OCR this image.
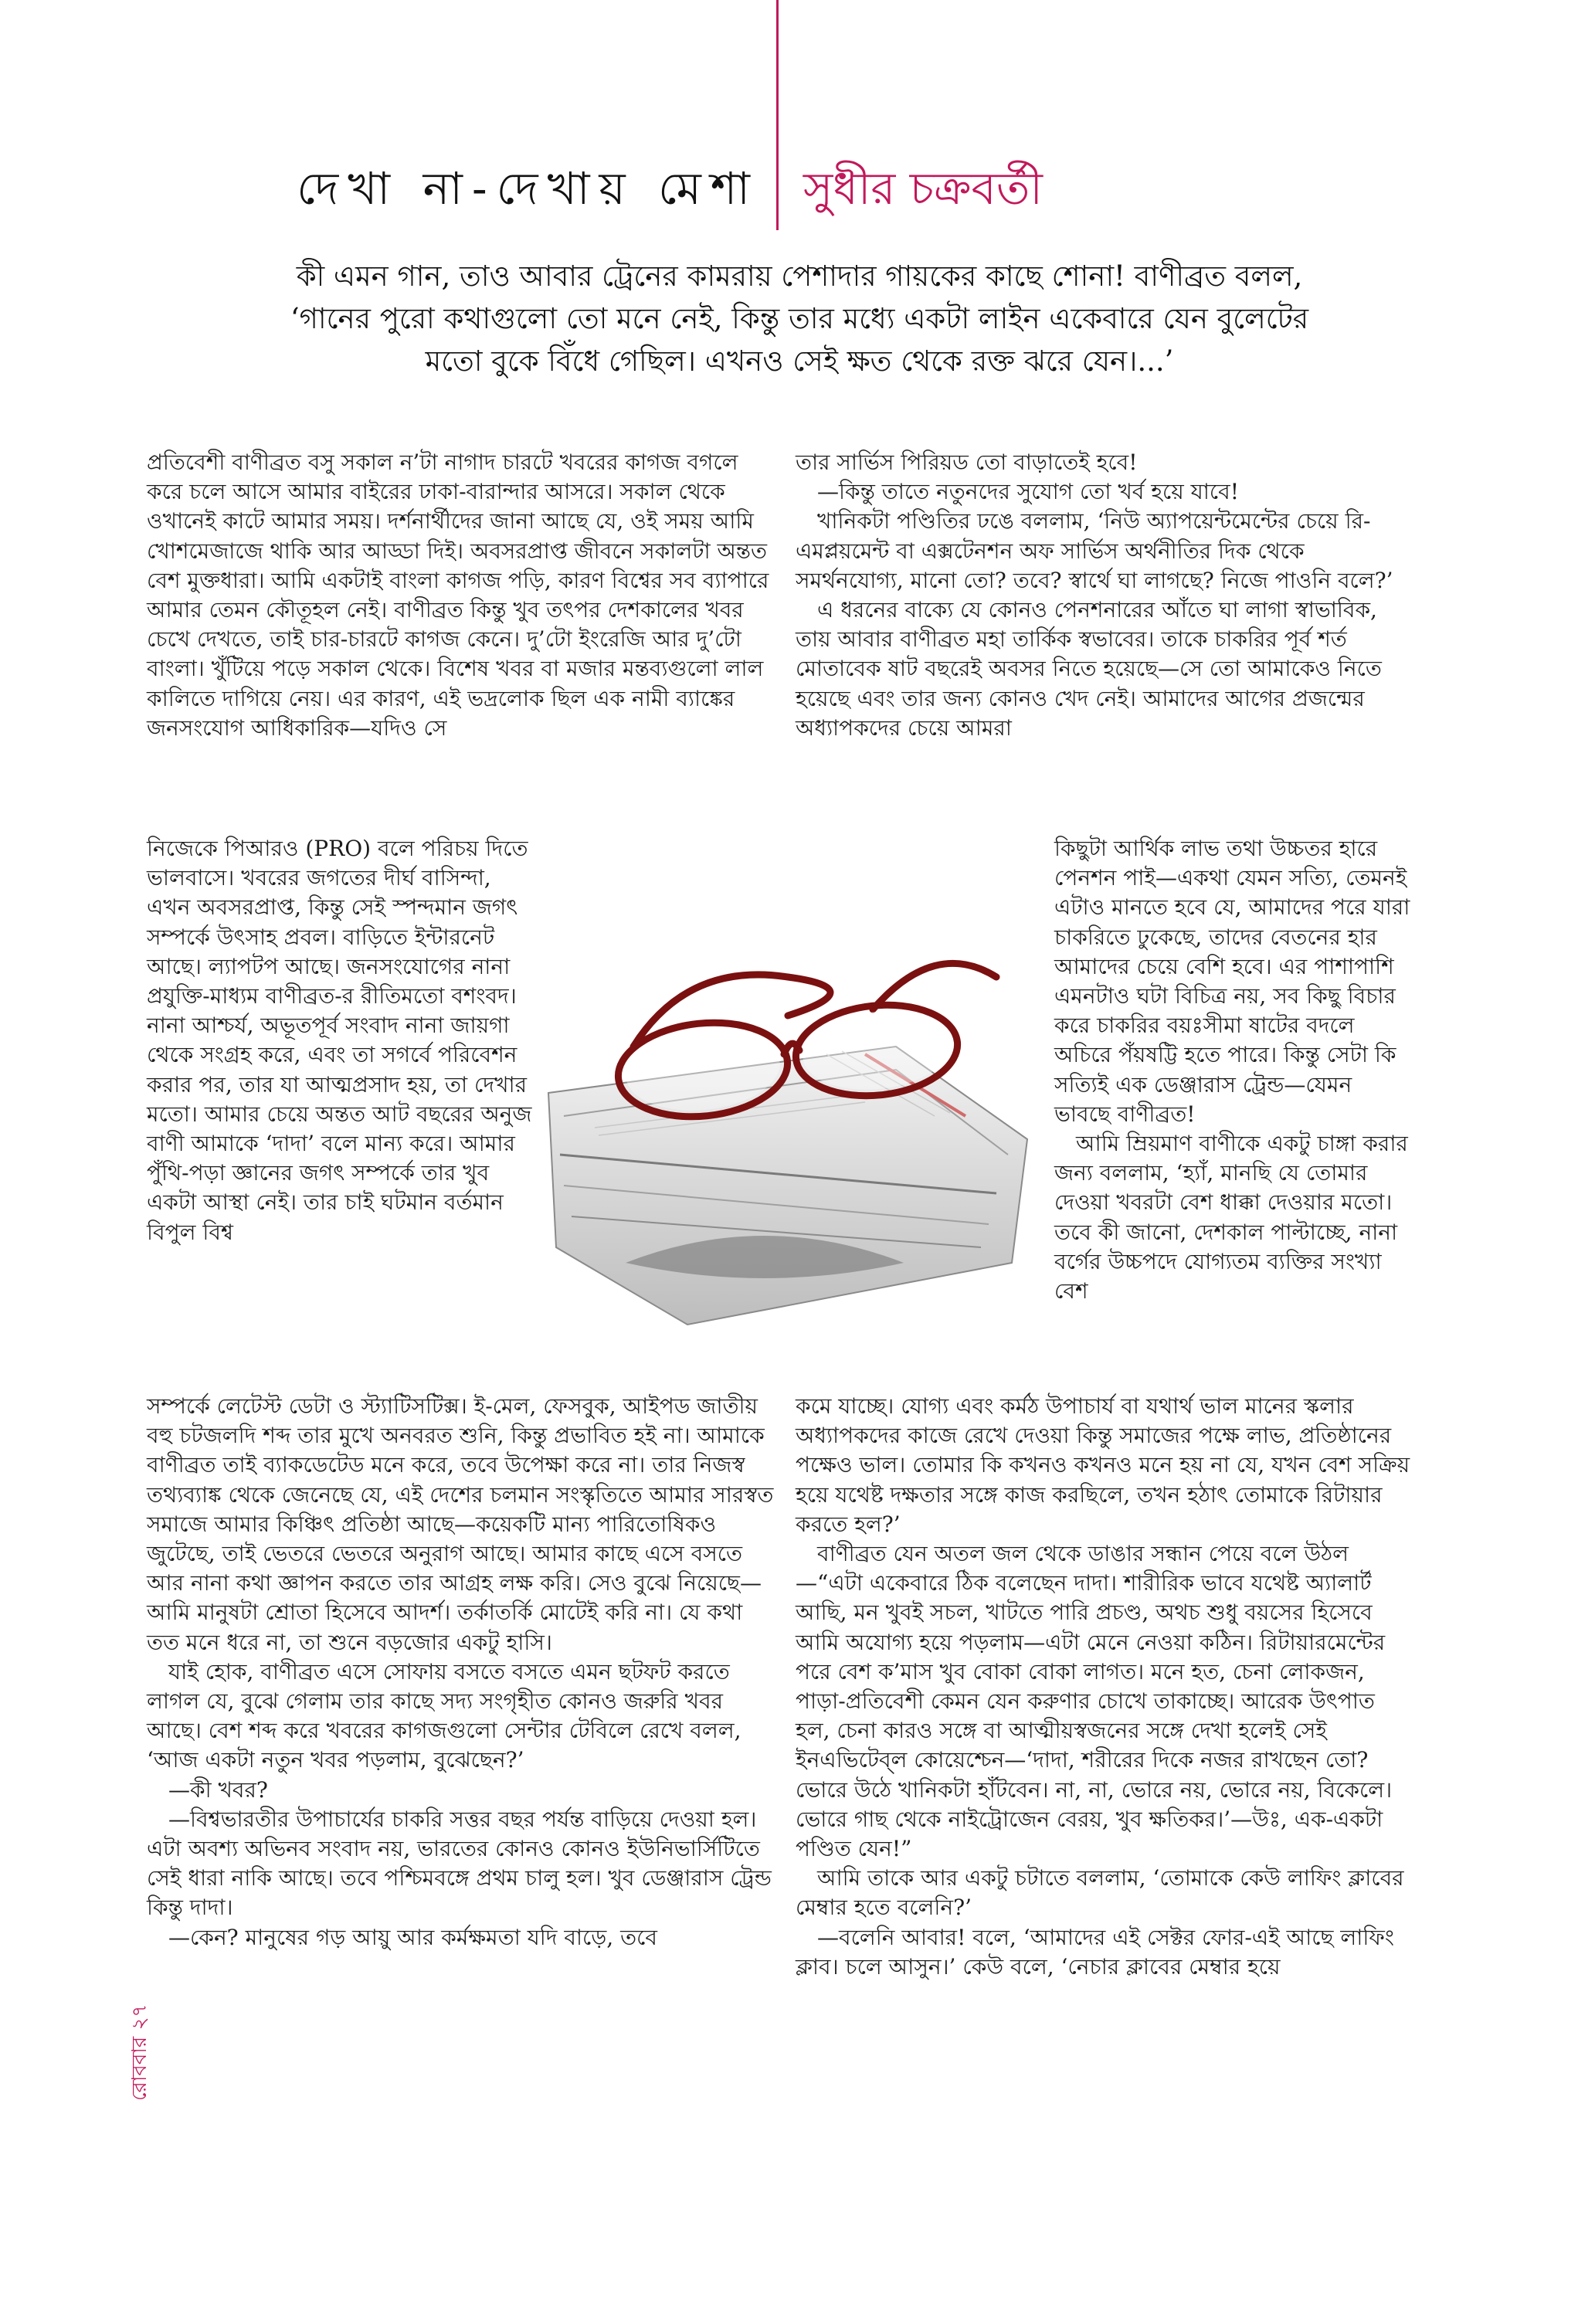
দেখা না-দেখায় মেশা সুধীর চক্রবর্তী
কী এমন গান, তাও আবার ট্রেনের কামরায় পেশাদার গায়কের কাছে শোনা! বাণীব্রত বলল, ‘গানের পুরো কথাগুলো তো মনে নেই, কিন্তু তার মধ্যে একটা লাইন একেবারে যেন বুলেটের মতো বুকে বিঁধে গেছিল। এখনও সেই ক্ষত থেকে রক্ত ঝরে যেন।...’

প্রতিবেশী বাণীব্রত বসু সকাল ন’টা নাগাদ চারটে খবরের কাগজ বগলে করে চলে আসে আমার বাইরের ঢাকা-বারান্দার আসরে। সকাল থেকে ওখানেই কাটে আমার সময়। দর্শনার্থীদের জানা আছে যে, ওই সময় আমি খোশমেজাজে থাকি আর আড্ডা দিই। অবসরপ্রাপ্ত জীবনে সকালটা অন্তত বেশ মুক্তধারা। আমি একটাই বাংলা কাগজ পড়ি, কারণ বিশ্বের সব ব্যাপারে আমার তেমন কৌতূহল নেই। বাণীব্রত কিন্তু খুব তৎপর দেশকালের খবর চেখে দেখতে, তাই চার-চারটে কাগজ কেনে। দু’টো ইংরেজি আর দু’টো বাংলা। খুঁটিয়ে পড়ে সকাল থেকে। বিশেষ খবর বা মজার মন্তব্যগুলো লাল কালিতে দাগিয়ে নেয়। এর কারণ, এই ভদ্রলোক ছিল এক নামী ব্যাঙ্কের জনসংযোগ আধিকারিক—যদিও সে

নিজেকে পিআরও (PRO) বলে পরিচয় দিতে ভালবাসে। খবরের জগতের দীর্ঘ বাসিন্দা, এখন অবসরপ্রাপ্ত, কিন্তু সেই স্পন্দমান জগৎ সম্পর্কে উৎসাহ প্রবল। বাড়িতে ইন্টারনেট আছে। ল্যাপটপ আছে। জনসংযোগের নানা প্রযুক্তি-মাধ্যম বাণীব্রত-র রীতিমতো বশংবদ। নানা আশ্চর্য, অভূতপূর্ব সংবাদ নানা জায়গা থেকে সংগ্রহ করে, এবং তা সগর্বে পরিবেশন করার পর, তার যা আত্মপ্রসাদ হয়, তা দেখার মতো। আমার চেয়ে অন্তত আট বছরের অনুজ বাণী আমাকে ‘দাদা’ বলে মান্য করে। আমার পুঁথি-পড়া জ্ঞানের জগৎ সম্পর্কে তার খুব একটা আস্থা নেই। তার চাই ঘটমান বর্তমান বিপুল বিশ্ব

সম্পর্কে লেটেস্ট ডেটা ও স্ট্যাটিসটিক্স। ই-মেল, ফেসবুক, আইপড জাতীয় বহু চটজলদি শব্দ তার মুখে অনবরত শুনি, কিন্তু প্রভাবিত হই না। আমাকে বাণীব্রত তাই ব্যাকডেটেড মনে করে, তবে উপেক্ষা করে না। তার নিজস্ব তথ্যব্যাঙ্ক থেকে জেনেছে যে, এই দেশের চলমান সংস্কৃতিতে আমার সারস্বত সমাজে আমার কিঞ্চিৎ প্রতিষ্ঠা আছে—কয়েকটি মান্য পারিতোষিকও জুটেছে, তাই ভেতরে ভেতরে অনুরাগ আছে। আমার কাছে এসে বসতে আর নানা কথা জ্ঞাপন করতে তার আগ্রহ লক্ষ করি। সেও বুঝে নিয়েছে—আমি মানুষটা শ্রোতা হিসেবে আদর্শ। তর্কাতর্কি মোটেই করি না। যে কথা তত মনে ধরে না, তা শুনে বড়জোর একটু হাসি।

যাই হোক, বাণীব্রত এসে সোফায় বসতে বসতে এমন ছটফট করতে লাগল যে, বুঝে গেলাম তার কাছে সদ্য সংগৃহীত কোনও জরুরি খবর আছে। বেশ শব্দ করে খবরের কাগজগুলো সেন্টার টেবিলে রেখে বলল, ‘আজ একটা নতুন খবর পড়লাম, বুঝেছেন?’

—কী খবর?

—বিশ্বভারতীর উপাচার্যের চাকরি সত্তর বছর পর্যন্ত বাড়িয়ে দেওয়া হল। এটা অবশ্য অভিনব সংবাদ নয়, ভারতের কোনও কোনও ইউনিভার্সিটিতে সেই ধারা নাকি আছে। তবে পশ্চিমবঙ্গে প্রথম চালু হল। খুব ডেঞ্জারাস ট্রেন্ড কিন্তু দাদা।

—কেন? মানুষের গড় আয়ু আর কর্মক্ষমতা যদি বাড়ে, তবে

তার সার্ভিস পিরিয়ড তো বাড়াতেই হবে!

—কিন্তু তাতে নতুনদের সুযোগ তো খর্ব হয়ে যাবে!

খানিকটা পণ্ডিতির ঢঙে বললাম, ‘নিউ অ্যাপয়েন্টমেন্টের চেয়ে রি-এমপ্লয়মেন্ট বা এক্সটেনশন অফ সার্ভিস অর্থনীতির দিক থেকে সমর্থনযোগ্য, মানো তো? তবে? স্বার্থে ঘা লাগছে? নিজে পাওনি বলে?’

এ ধরনের বাক্যে যে কোনও পেনশনারের আঁতে ঘা লাগা স্বাভাবিক, তায় আবার বাণীব্রত মহা তার্কিক স্বভাবের। তাকে চাকরির পূর্ব শর্ত মোতাবেক ষাট বছরেই অবসর নিতে হয়েছে—সে তো আমাকেও নিতে হয়েছে এবং তার জন্য কোনও খেদ নেই। আমাদের আগের প্রজন্মের অধ্যাপকদের চেয়ে আমরা

কিছুটা আর্থিক লাভ তথা উচ্চতর হারে পেনশন পাই—একথা যেমন সত্যি, তেমনই এটাও মানতে হবে যে, আমাদের পরে যারা চাকরিতে ঢুকেছে, তাদের বেতনের হার আমাদের চেয়ে বেশি হবে। এর পাশাপাশি এমনটাও ঘটা বিচিত্র নয়, সব কিছু বিচার করে চাকরির বয়ঃসীমা ষাটের বদলে অচিরে পঁয়ষট্টি হতে পারে। কিন্তু সেটা কি সত্যিই এক ডেঞ্জারাস ট্রেন্ড—যেমন ভাবছে বাণীব্রত!

আমি ম্রিয়মাণ বাণীকে একটু চাঙ্গা করার জন্য বললাম, ‘হ্যাঁ, মানছি যে তোমার দেওয়া খবরটা বেশ ধাক্কা দেওয়ার মতো। তবে কী জানো, দেশকাল পাল্টাচ্ছে, নানা বর্গের উচ্চপদে যোগ্যতম ব্যক্তির সংখ্যা বেশ

কমে যাচ্ছে। যোগ্য এবং কর্মঠ উপাচার্য বা যথার্থ ভাল মানের স্কলার অধ্যাপকদের কাজে রেখে দেওয়া কিন্তু সমাজের পক্ষে লাভ, প্রতিষ্ঠানের পক্ষেও ভাল। তোমার কি কখনও কখনও মনে হয় না যে, যখন বেশ সক্রিয় হয়ে যথেষ্ট দক্ষতার সঙ্গে কাজ করছিলে, তখন হঠাৎ তোমাকে রিটায়ার করতে হল?’

বাণীব্রত যেন অতল জল থেকে ডাঙার সন্ধান পেয়ে বলে উঠল—“এটা একেবারে ঠিক বলেছেন দাদা। শারীরিক ভাবে যথেষ্ট অ্যালার্ট আছি, মন খুবই সচল, খাটতে পারি প্রচণ্ড, অথচ শুধু বয়সের হিসেবে আমি অযোগ্য হয়ে পড়লাম—এটা মেনে নেওয়া কঠিন। রিটায়ারমেন্টের পরে বেশ ক’মাস খুব বোকা বোকা লাগত। মনে হত, চেনা লোকজন, পাড়া-প্রতিবেশী কেমন যেন করুণার চোখে তাকাচ্ছে। আরেক উৎপাত হল, চেনা কারও সঙ্গে বা আত্মীয়স্বজনের সঙ্গে দেখা হলেই সেই ইনএভিটেব্‌ল কোয়েশ্চেন—‘দাদা, শরীরের দিকে নজর রাখছেন তো? ভোরে উঠে খানিকটা হাঁটবেন। না, না, ভোরে নয়, ভোরে নয়, বিকেলে। ভোরে গাছ থেকে নাইট্রোজেন বেরয়, খুব ক্ষতিকর।’—উঃ, এক-একটা পণ্ডিত যেন!”

আমি তাকে আর একটু চটাতে বললাম, ‘তোমাকে কেউ লাফিং ক্লাবের মেম্বার হতে বলেনি?’

—বলেনি আবার! বলে, ‘আমাদের এই সেক্টর ফোর-এই আছে লাফিং ক্লাব। চলে আসুন।’ কেউ বলে, ‘নেচার ক্লাবের মেম্বার হয়ে

রোববার ২৭
